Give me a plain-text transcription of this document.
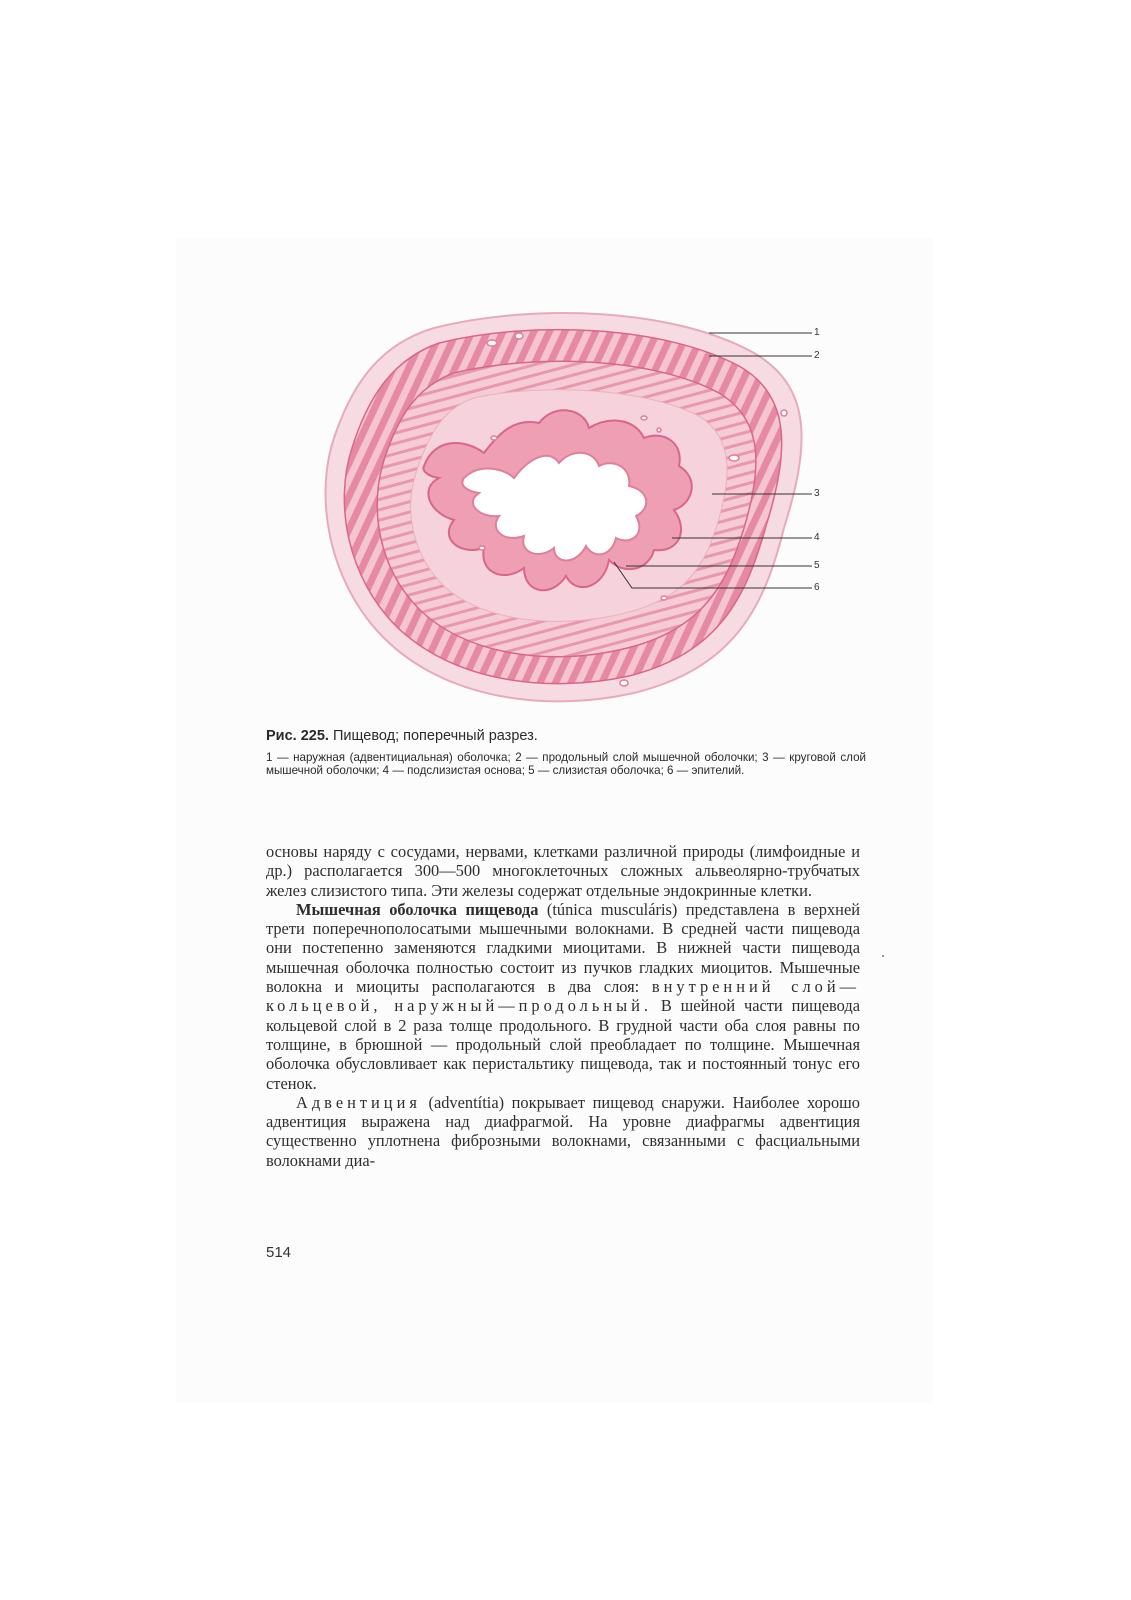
1
2
3
4
5
6

Рис. 225. Пищевод; поперечный разрез.

1 — наружная (адвентициальная) оболочка; 2 — продольный слой мышечной оболочки; 3 — круговой слой мышечной оболочки; 4 — подслизистая основа; 5 — слизистая оболочка; 6 — эпителий.

основы наряду с сосудами, нервами, клетками различной природы (лимфоидные и др.) располагается 300—500 многоклеточных сложных альвеолярно-трубчатых желез слизистого типа. Эти железы содержат отдельные эндокринные клетки.

Мышечная оболочка пищевода (túnica musculáris) представлена в верхней трети поперечнополосатыми мышечными волокнами. В средней части пищевода они постепенно заменяются гладкими миоцитами. В нижней части пищевода мышечная оболочка полностью состоит из пучков гладких миоцитов. Мышечные волокна и миоциты располагаются в два слоя: внутренний слой—кольцевой, наружный—продольный. В шейной части пищевода кольцевой слой в 2 раза толще продольного. В грудной части оба слоя равны по толщине, в брюшной — продольный слой преобладает по толщине. Мышечная оболочка обусловливает как перистальтику пищевода, так и постоянный тонус его стенок.

Адвентиция (adventítia) покрывает пищевод снаружи. Наиболее хорошо адвентиция выражена над диафрагмой. На уровне диафрагмы адвентиция существенно уплотнена фиброзными волокнами, связанными с фасциальными волокнами диа-

514
